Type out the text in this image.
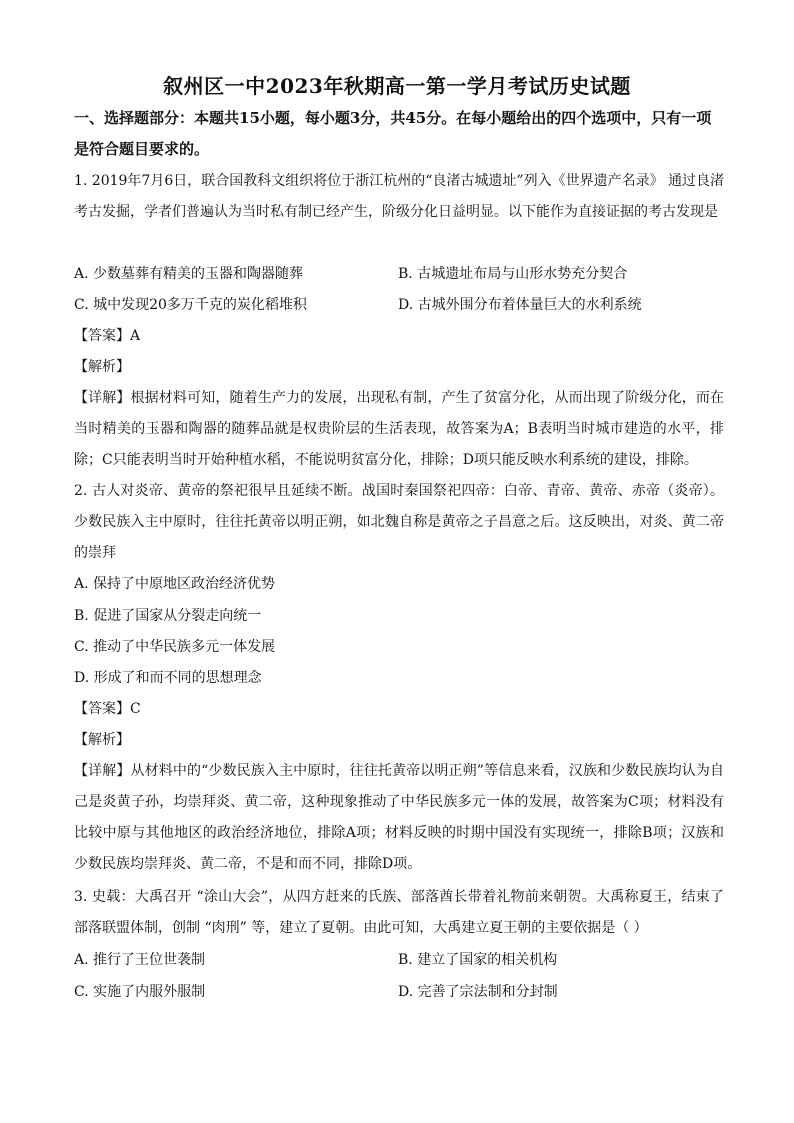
叙州区一中2023年秋期高一第一学月考试历史试题
一、选择题部分：本题共15小题，每小题3分，共45分。在每小题给出的四个选项中，只有一项是符合题目要求的。
1. 2019年7月6日，联合国教科文组织将位于浙江杭州的“良渚古城遗址”列入《世界遗产名录》 通过良渚考古发掘，学者们普遍认为当时私有制已经产生，阶级分化日益明显。以下能作为直接证据的考古发现是
A. 少数墓葬有精美的玉器和陶器随葬	B. 古城遗址布局与山形水势充分契合
C. 城中发现20多万千克的炭化稻堆积	D. 古城外围分布着体量巨大的水利系统
【答案】A
【解析】
【详解】根据材料可知，随着生产力的发展，出现私有制，产生了贫富分化，从而出现了阶级分化，而在当时精美的玉器和陶器的随葬品就是权贵阶层的生活表现，故答案为A；B表明当时城市建造的水平，排除；C只能表明当时开始种植水稻，不能说明贫富分化，排除；D项只能反映水利系统的建设，排除。
2. 古人对炎帝、黄帝的祭祀很早且延续不断。战国时秦国祭祀四帝：白帝、青帝、黄帝、赤帝（炎帝）。少数民族入主中原时，往往托黄帝以明正朔，如北魏自称是黄帝之子昌意之后。这反映出，对炎、黄二帝的崇拜
A. 保持了中原地区政治经济优势
B. 促进了国家从分裂走向统一
C. 推动了中华民族多元一体发展
D. 形成了和而不同的思想理念
【答案】C
【解析】
【详解】从材料中的“少数民族入主中原时，往往托黄帝以明正朔”等信息来看，汉族和少数民族均认为自己是炎黄子孙，均崇拜炎、黄二帝，这种现象推动了中华民族多元一体的发展，故答案为C项；材料没有比较中原与其他地区的政治经济地位，排除A项；材料反映的时期中国没有实现统一，排除B项；汉族和少数民族均崇拜炎、黄二帝，不是和而不同，排除D项。
3. 史载：大禹召开 “涂山大会”，从四方赶来的氏族、部落酋长带着礼物前来朝贺。大禹称夏王，结束了部落联盟体制，创制 “肉刑” 等，建立了夏朝。由此可知，大禹建立夏王朝的主要依据是（ ）
A. 推行了王位世袭制	B. 建立了国家的相关机构
C. 实施了内服外服制	D. 完善了宗法制和分封制
